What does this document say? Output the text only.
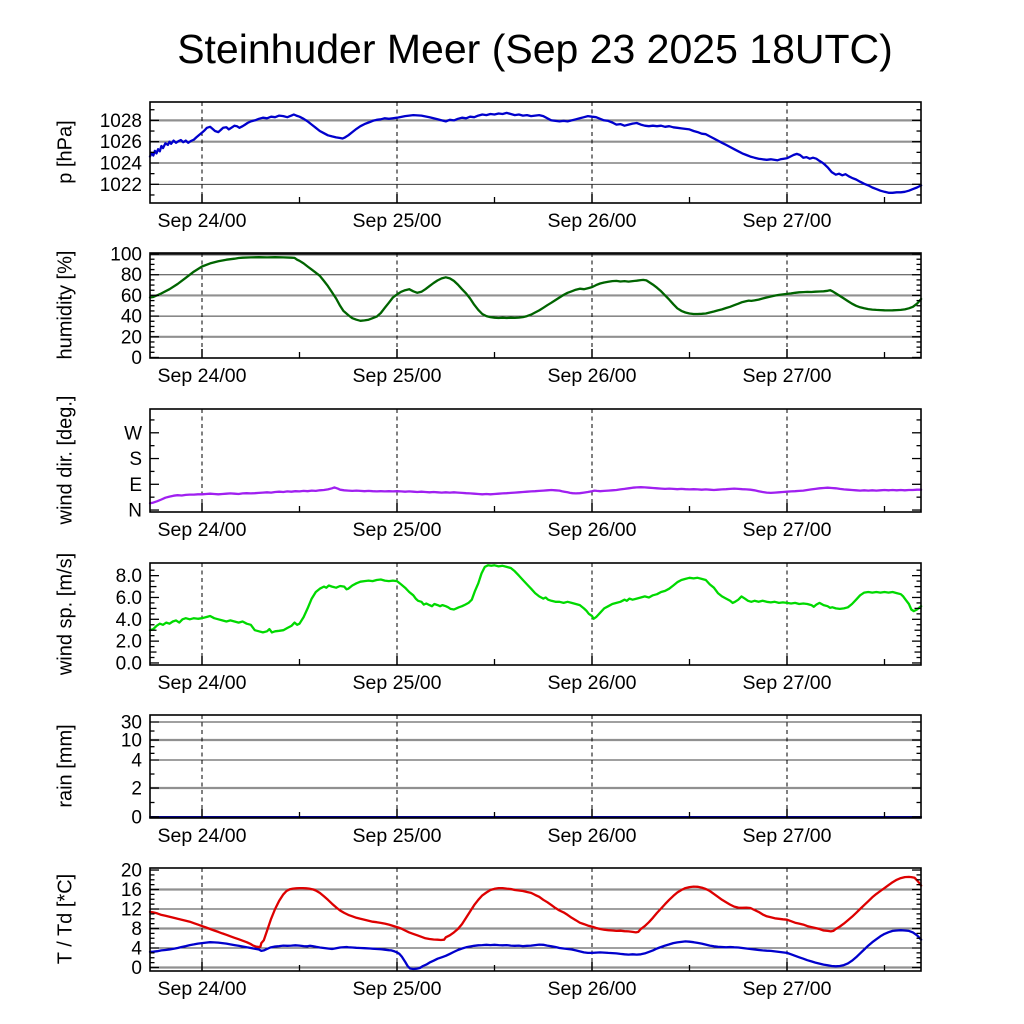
Steinhuder Meer (Sep 23 2025 18UTC)
p [hPa]
humidity [%]
wind dir. [deg.]
wind sp. [m/s]
rain [mm]
T / Td [*C]
1022
1024
1026
1028
Sep 24/00	Sep 25/00	Sep 26/00	Sep 27/00
0
20
40
60
80
100
Sep 24/00	Sep 25/00	Sep 26/00	Sep 27/00
N
E
S
W
Sep 24/00	Sep 25/00	Sep 26/00	Sep 27/00
0.0
2.0
4.0
6.0
8.0
Sep 24/00	Sep 25/00	Sep 26/00	Sep 27/00
0
2
4
10
30
Sep 24/00	Sep 25/00	Sep 26/00	Sep 27/00
0
4
8
12
16
20
Sep 24/00	Sep 25/00	Sep 26/00	Sep 27/00
